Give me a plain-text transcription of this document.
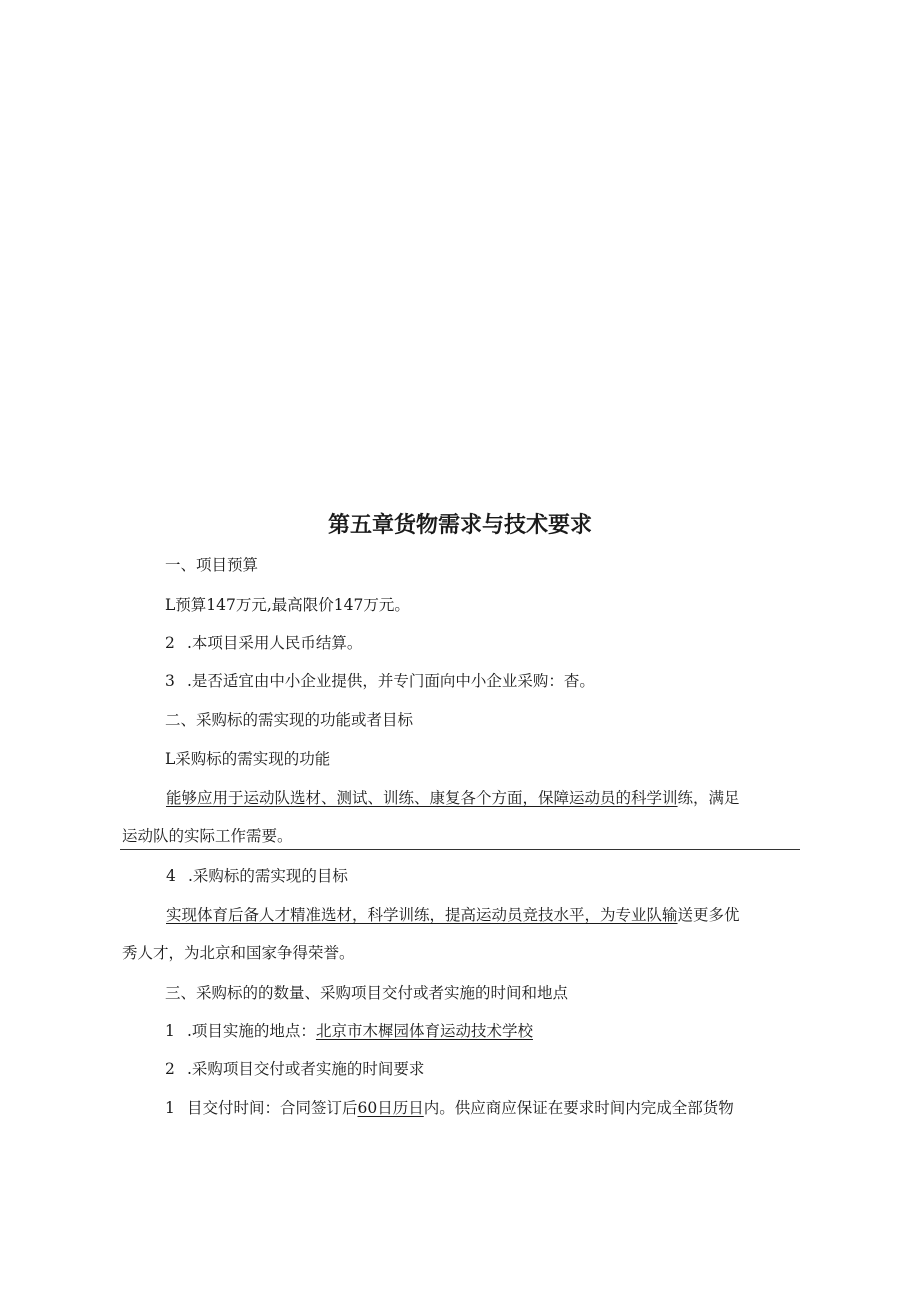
第五章货物需求与技术要求
一、项目预算
L预算147万元,最高限价147万元。
2 .本项目采用人民币结算。
3 .是否适宜由中小企业提供，并专门面向中小企业采购：杳。
二、采购标的需实现的功能或者目标
L采购标的需实现的功能
能够应用于运动队选材、测试、训练、康复各个方面，保障运动员的科学训练，满足
运动队的实际工作需要。
4 .采购标的需实现的目标
实现体育后备人才精准选材，科学训练，提高运动员竞技水平，为专业队输送更多优
秀人才，为北京和国家争得荣誉。
三、采购标的的数量、采购项目交付或者实施的时间和地点
1 .项目实施的地点：北京市木樨园体育运动技术学校
2 .采购项目交付或者实施的时间要求
1 目交付时间：合同签订后60日历日内。供应商应保证在要求时间内完成全部货物
